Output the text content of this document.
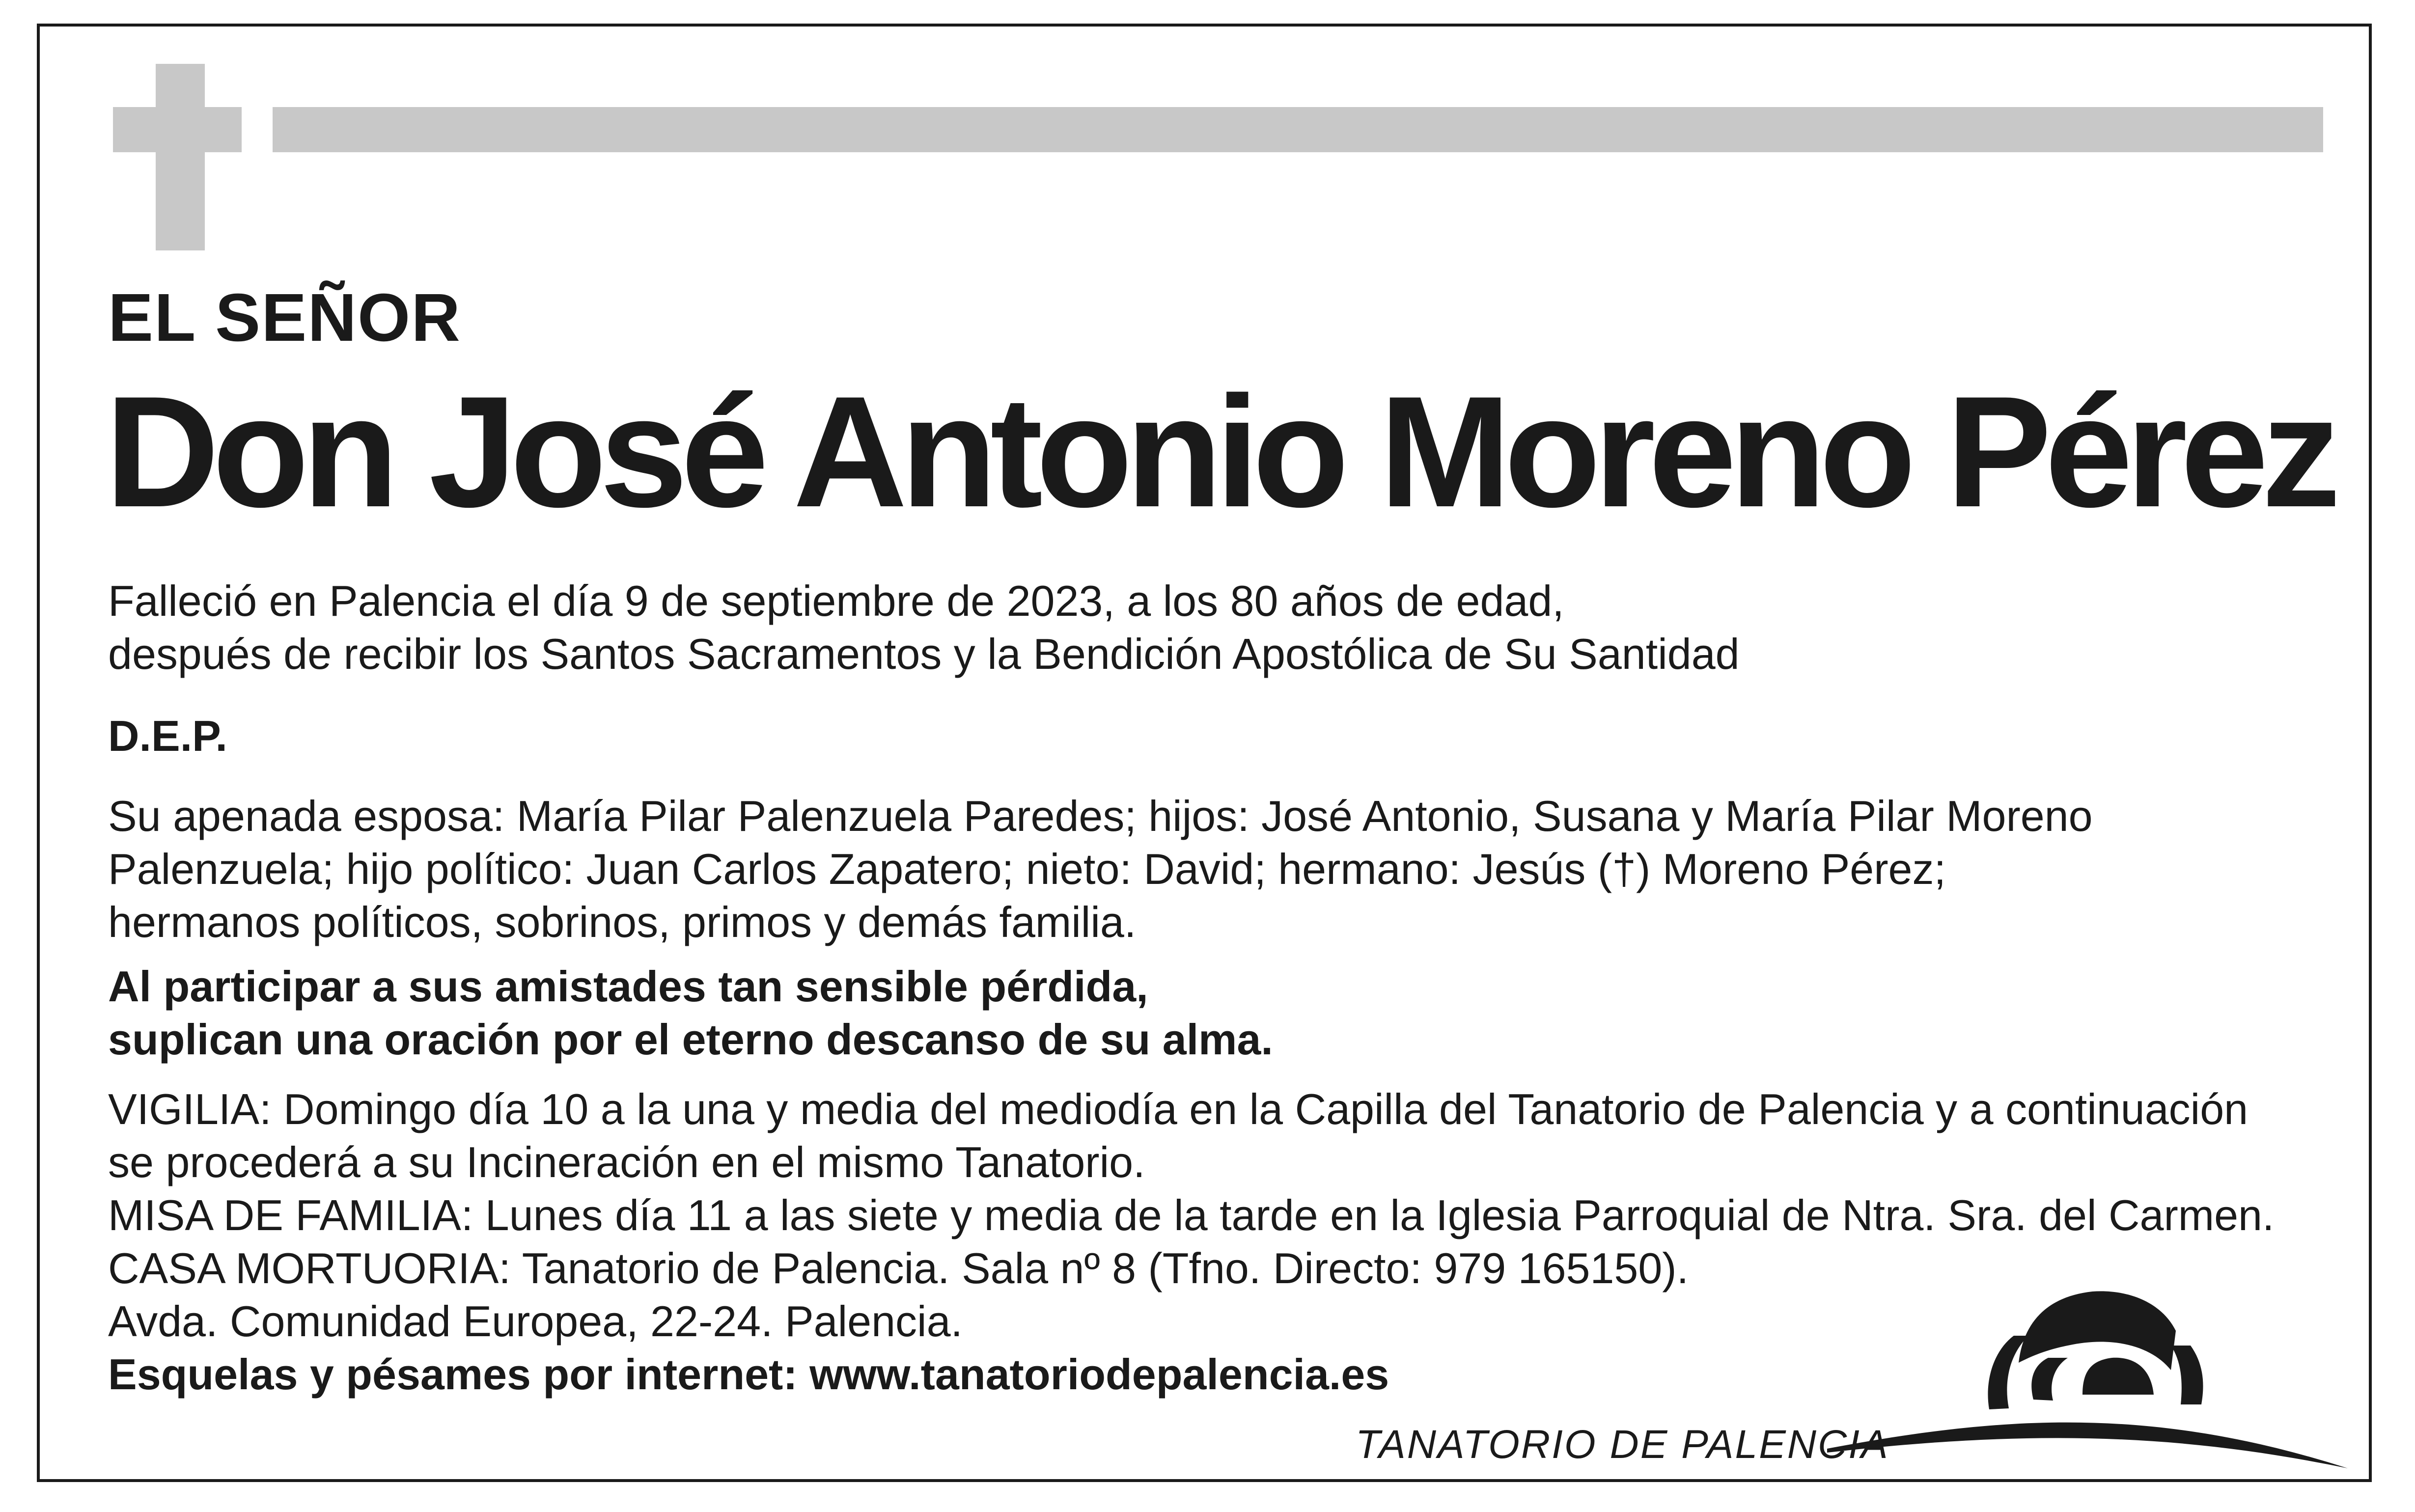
EL SEÑOR
Don José Antonio Moreno Pérez
Falleció en Palencia el día 9 de septiembre de 2023, a los 80 años de edad,
después de recibir los Santos Sacramentos y la Bendición Apostólica de Su Santidad
D.E.P.
Su apenada esposa: María Pilar Palenzuela Paredes; hijos: José Antonio, Susana y María Pilar Moreno
Palenzuela; hijo político: Juan Carlos Zapatero; nieto: David; hermano: Jesús (†) Moreno Pérez;
hermanos políticos, sobrinos, primos y demás familia.
Al participar a sus amistades tan sensible pérdida,
suplican una oración por el eterno descanso de su alma.
VIGILIA: Domingo día 10 a la una y media del mediodía en la Capilla del Tanatorio de Palencia y a continuación
se procederá a su Incineración en el mismo Tanatorio.
MISA DE FAMILIA: Lunes día 11 a las siete y media de la tarde en la Iglesia Parroquial de Ntra. Sra. del Carmen.
CASA MORTUORIA: Tanatorio de Palencia. Sala nº 8 (Tfno. Directo: 979 165150).
Avda. Comunidad Europea, 22-24. Palencia.
Esquelas y pésames por internet: www.tanatoriodepalencia.es
TANATORIO DE PALENCIA
